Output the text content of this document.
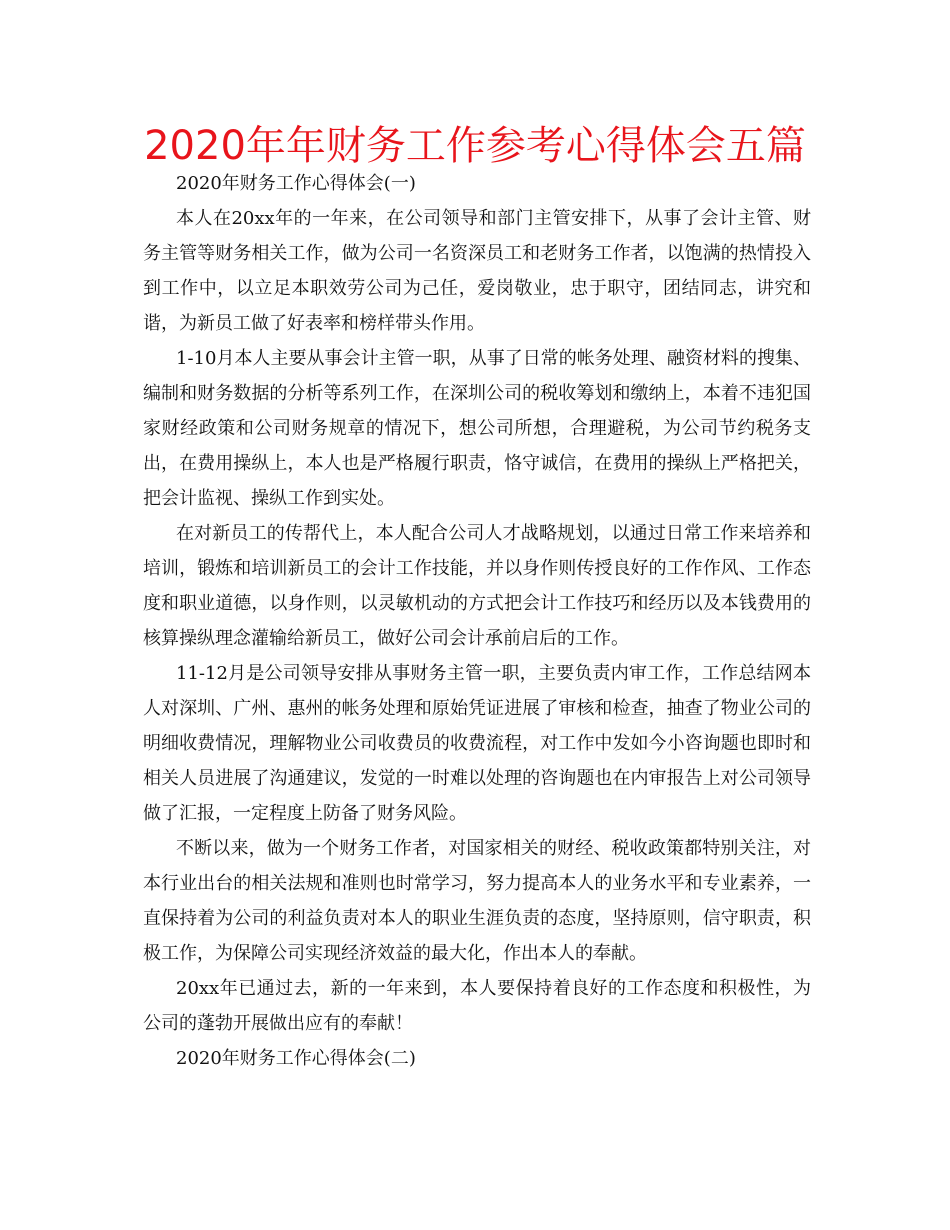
2020年年财务工作参考心得体会五篇

2020年财务工作心得体会(一)

本人在20xx年的一年来，在公司领导和部门主管安排下，从事了会计主管、财务主管等财务相关工作，做为公司一名资深员工和老财务工作者，以饱满的热情投入到工作中，以立足本职效劳公司为己任，爱岗敬业，忠于职守，团结同志，讲究和谐，为新员工做了好表率和榜样带头作用。

1-10月本人主要从事会计主管一职，从事了日常的帐务处理、融资材料的搜集、编制和财务数据的分析等系列工作，在深圳公司的税收筹划和缴纳上，本着不违犯国家财经政策和公司财务规章的情况下，想公司所想，合理避税，为公司节约税务支出，在费用操纵上，本人也是严格履行职责，恪守诚信，在费用的操纵上严格把关，把会计监视、操纵工作到实处。

在对新员工的传帮代上，本人配合公司人才战略规划，以通过日常工作来培养和培训，锻炼和培训新员工的会计工作技能，并以身作则传授良好的工作作风、工作态度和职业道德，以身作则，以灵敏机动的方式把会计工作技巧和经历以及本钱费用的核算操纵理念灌输给新员工，做好公司会计承前启后的工作。

11-12月是公司领导安排从事财务主管一职，主要负责内审工作，工作总结网本人对深圳、广州、惠州的帐务处理和原始凭证进展了审核和检查，抽查了物业公司的明细收费情况，理解物业公司收费员的收费流程，对工作中发如今小咨询题也即时和相关人员进展了沟通建议，发觉的一时难以处理的咨询题也在内审报告上对公司领导做了汇报，一定程度上防备了财务风险。

不断以来，做为一个财务工作者，对国家相关的财经、税收政策都特别关注，对本行业出台的相关法规和准则也时常学习，努力提高本人的业务水平和专业素养，一直保持着为公司的利益负责对本人的职业生涯负责的态度，坚持原则，信守职责，积极工作，为保障公司实现经济效益的最大化，作出本人的奉献。

20xx年已通过去，新的一年来到，本人要保持着良好的工作态度和积极性，为公司的蓬勃开展做出应有的奉献！

2020年财务工作心得体会(二)
